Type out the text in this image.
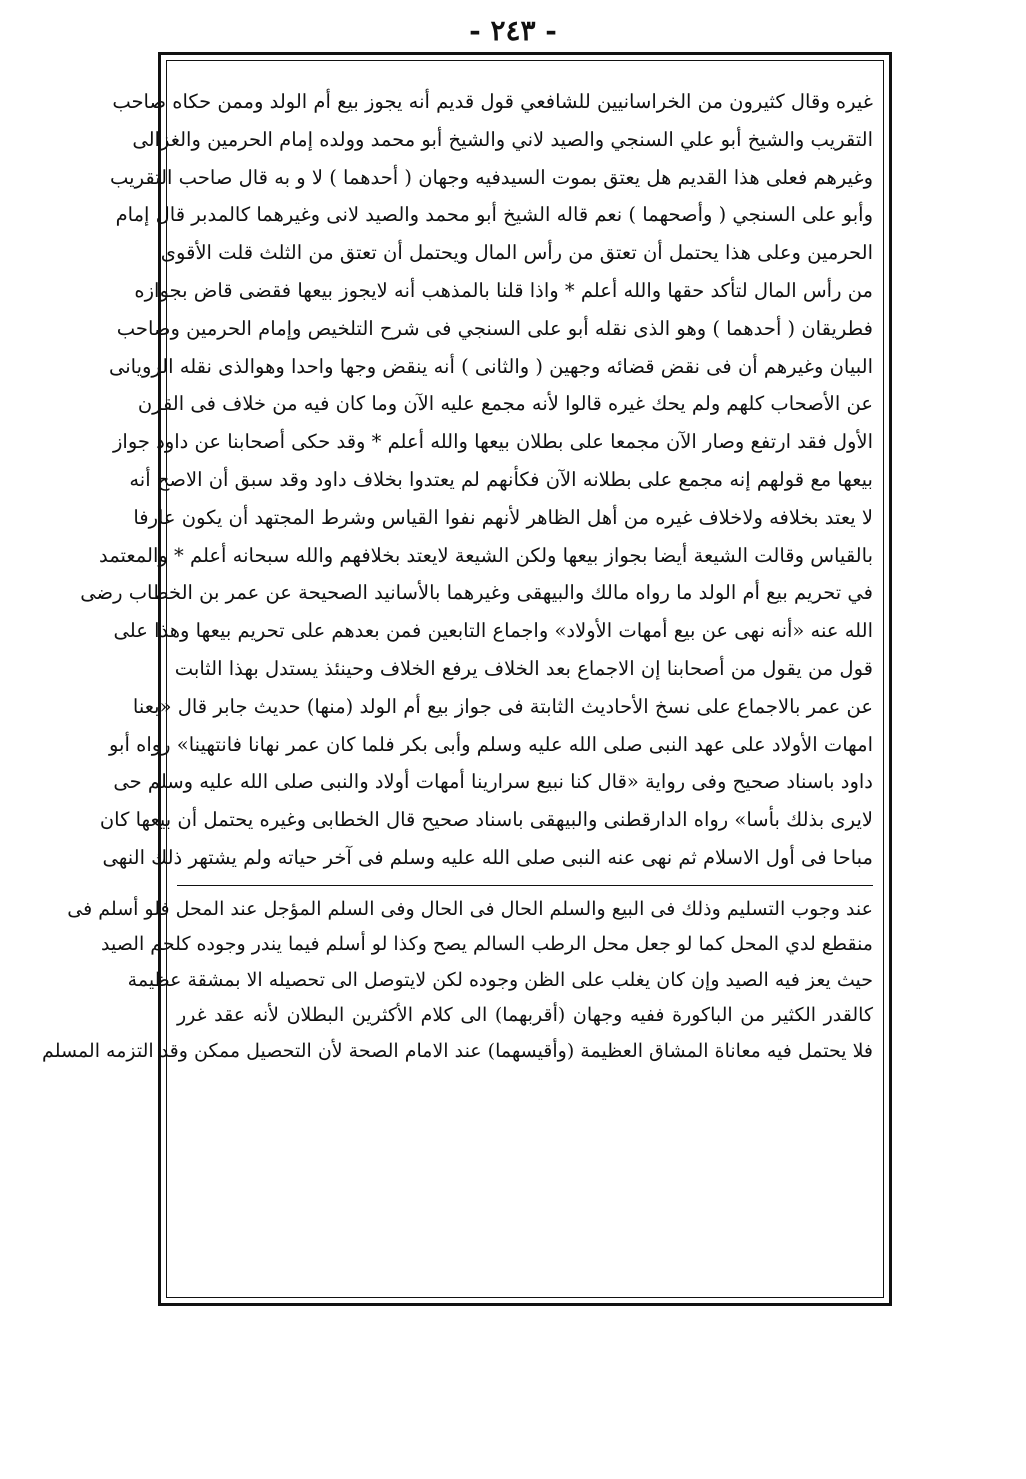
- ٢٤٣ -
غيره وقال كثيرون من الخراسانيين للشافعي قول قديم أنه يجوز بيع أم الولد وممن حكاه صاحب
التقريب والشيخ أبو علي السنجي والصيد لاني والشيخ أبو محمد وولده إمام الحرمين والغزالى
وغيرهم فعلى هذا القديم هل يعتق بموت السيدفيه وجهان ( أحدهما ) لا و به قال صاحب التقريب
وأبو على السنجي ( وأصحهما ) نعم قاله الشيخ أبو محمد والصيد لانى وغيرهما كالمدبر قال إمام
الحرمين وعلى هذا يحتمل أن تعتق من رأس المال ويحتمل أن تعتق من الثلث قلت الأقوى
من رأس المال لتأكد حقها والله أعلم * واذا قلنا بالمذهب أنه لايجوز بيعها فقضى قاض بجوازه
فطريقان ( أحدهما ) وهو الذى نقله أبو على السنجي فى شرح التلخيص وإمام الحرمين وصاحب
البيان وغيرهم أن فى نقض قضائه وجهين ( والثانى ) أنه ينقض وجها واحدا وهوالذى نقله الرويانى
عن الأصحاب كلهم ولم يحك غيره قالوا لأنه مجمع عليه الآن وما كان فيه من خلاف فى القرن
الأول فقد ارتفع وصار الآن مجمعا على بطلان بيعها والله أعلم * وقد حكى أصحابنا عن داود جواز
بيعها مع قولهم إنه مجمع على بطلانه الآن فكأنهم لم يعتدوا بخلاف داود وقد سبق أن الاصح أنه
لا يعتد بخلافه ولاخلاف غيره من أهل الظاهر لأنهم نفوا القياس وشرط المجتهد أن يكون عارفا
بالقياس وقالت الشيعة أيضا بجواز بيعها ولكن الشيعة لايعتد بخلافهم والله سبحانه أعلم * والمعتمد
في تحريم بيع أم الولد ما رواه مالك والبيهقى وغيرهما بالأسانيد الصحيحة عن عمر بن الخطاب رضى
الله عنه «أنه نهى عن بيع أمهات الأولاد» واجماع التابعين فمن بعدهم على تحريم بيعها وهذا على
قول من يقول من أصحابنا إن الاجماع بعد الخلاف يرفع الخلاف وحينئذ يستدل بهذا الثابت
عن عمر بالاجماع على نسخ الأحاديث الثابتة فى جواز بيع أم الولد (منها) حديث جابر قال «بعنا
امهات الأولاد على عهد النبى صلى الله عليه وسلم وأبى بكر فلما كان عمر نهانا فانتهينا» رواه أبو
داود باسناد صحيح وفى رواية «قال كنا نبيع سرارينا أمهات أولاد والنبى صلى الله عليه وسلم حى
لايرى بذلك بأسا» رواه الدارقطنى والبيهقى باسناد صحيح قال الخطابى وغيره يحتمل أن بيعها كان
مباحا فى أول الاسلام ثم نهى عنه النبى صلى الله عليه وسلم فى آخر حياته ولم يشتهر ذلك النهى
عند وجوب التسليم وذلك فى البيع والسلم الحال فى الحال وفى السلم المؤجل عند المحل فلو أسلم فى
منقطع لدي المحل كما لو جعل محل الرطب السالم يصح وكذا لو أسلم فيما يندر وجوده كلحم الصيد
حيث يعز فيه الصيد وإن كان يغلب على الظن وجوده لكن لايتوصل الى تحصيله الا بمشقة عظيمة
كالقدر الكثير من الباكورة ففيه وجهان (أقربهما) الى كلام الأكثرين البطلان لأنه عقد غرر
فلا يحتمل فيه معاناة المشاق العظيمة (وأقيسهما) عند الامام الصحة لأن التحصيل ممكن وقد التزمه المسلم
